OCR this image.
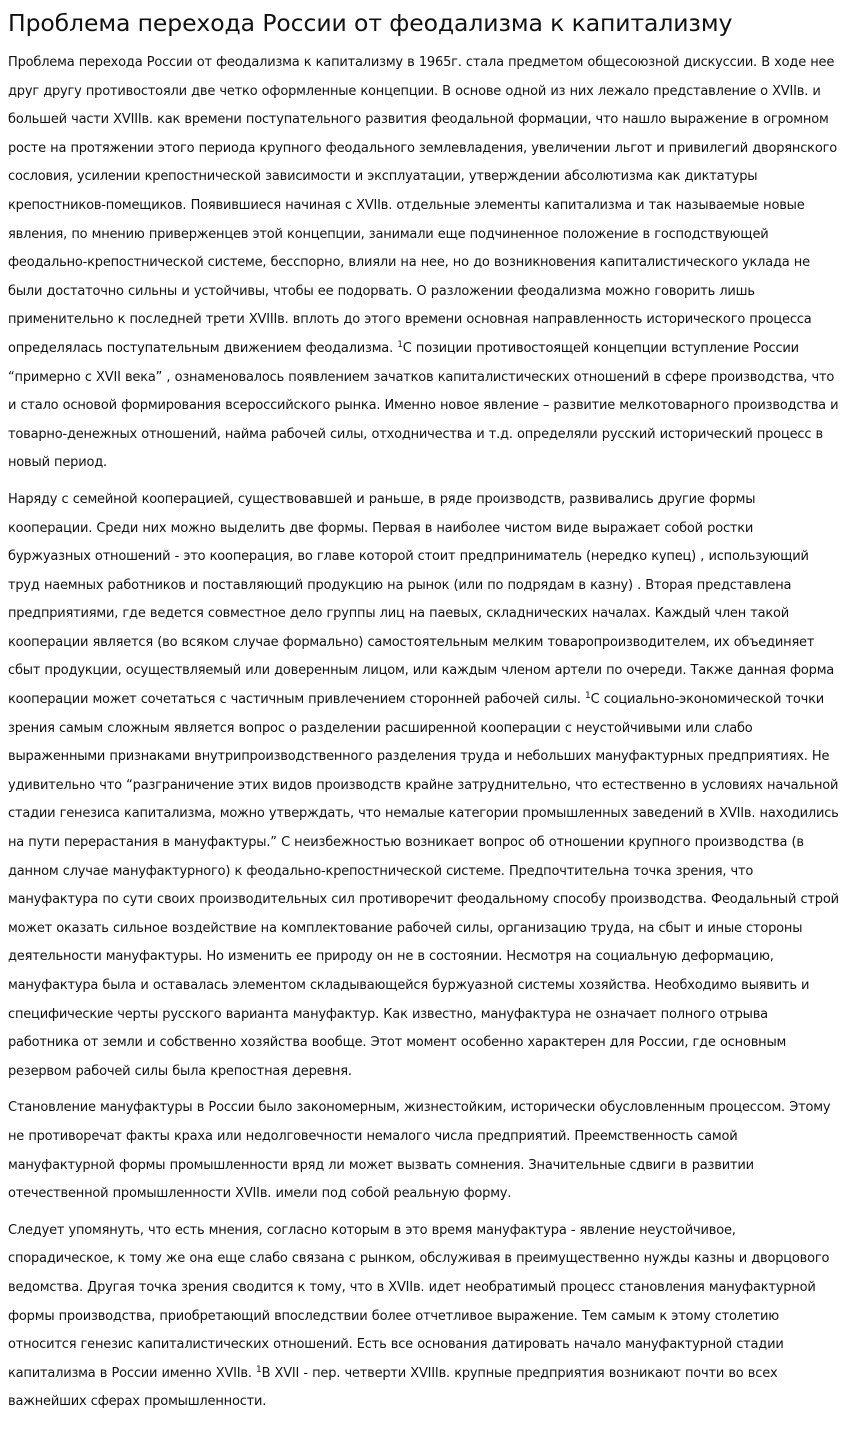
Проблема перехода России от феодализма к капитализму

Проблема перехода России от феодализма к капитализму в 1965г. стала предметом общесоюзной дискуссии. В ходе нее друг другу противостояли две четко оформленные концепции. В основе одной из них лежало представление о XVIIв. и большей части XVIIIв. как времени поступательного развития феодальной формации, что нашло выражение в огромном росте на протяжении этого периода крупного феодального землевладения, увеличении льгот и привилегий дворянского сословия, усилении крепостнической зависимости и эксплуатации, утверждении абсолютизма как диктатуры крепостников-помещиков. Появившиеся начиная с XVIIв. отдельные элементы капитализма и так называемые новые явления, по мнению приверженцев этой концепции, занимали еще подчиненное положение в господствующей феодально-крепостнической системе, бесспорно, влияли на нее, но до возникновения капиталистического уклада не были достаточно сильны и устойчивы, чтобы ее подорвать. О разложении феодализма можно говорить лишь применительно к последней трети XVIIIв. вплоть до этого времени основная направленность исторического процесса определялась поступательным движением феодализма. $^1$С позиции противостоящей концепции вступление России “примерно с XVII века” , ознаменовалось появлением зачатков капиталистических отношений в сфере производства, что и стало основой формирования всероссийского рынка. Именно новое явление – развитие мелкотоварного производства и товарно-денежных отношений, найма рабочей силы, отходничества и т.д. определяли русский исторический процесс в новый период.

Наряду с семейной кооперацией, существовавшей и раньше, в ряде производств, развивались другие формы кооперации. Среди них можно выделить две формы. Первая в наиболее чистом виде выражает собой ростки буржуазных отношений - это кооперация, во главе которой стоит предприниматель (нередко купец) , использующий труд наемных работников и поставляющий продукцию на рынок (или по подрядам в казну) . Вторая представлена предприятиями, где ведется совместное дело группы лиц на паевых, складнических началах. Каждый член такой кооперации является (во всяком случае формально) самостоятельным мелким товаропроизводителем, их объединяет сбыт продукции, осуществляемый или доверенным лицом, или каждым членом артели по очереди. Также данная форма кооперации может сочетаться с частичным привлечением сторонней рабочей силы. $^1$С социально-экономической точки зрения самым сложным является вопрос о разделении расширенной кооперации с неустойчивыми или слабо выраженными признаками внутрипроизводственного разделения труда и небольших мануфактурных предприятиях. Не удивительно что “разграничение этих видов производств крайне затруднительно, что естественно в условиях начальной стадии генезиса капитализма, можно утверждать, что немалые категории промышленных заведений в XVIIв. находились на пути перерастания в мануфактуры.” С неизбежностью возникает вопрос об отношении крупного производства (в данном случае мануфактурного) к феодально-крепостнической системе. Предпочтительна точка зрения, что мануфактура по сути своих производительных сил противоречит феодальному способу производства. Феодальный строй может оказать сильное воздействие на комплектование рабочей силы, организацию труда, на сбыт и иные стороны деятельности мануфактуры. Но изменить ее природу он не в состоянии. Несмотря на социальную деформацию, мануфактура была и оставалась элементом складывающейся буржуазной системы хозяйства. Необходимо выявить и специфические черты русского варианта мануфактур. Как известно, мануфактура не означает полного отрыва работника от земли и собственно хозяйства вообще. Этот момент особенно характерен для России, где основным резервом рабочей силы была крепостная деревня.

Становление мануфактуры в России было закономерным, жизнестойким, исторически обусловленным процессом. Этому не противоречат факты краха или недолговечности немалого числа предприятий. Преемственность самой мануфактурной формы промышленности вряд ли может вызвать сомнения. Значительные сдвиги в развитии отечественной промышленности XVIIв. имели под собой реальную форму.

Следует упомянуть, что есть мнения, согласно которым в это время мануфактура - явление неустойчивое, спорадическое, к тому же она еще слабо связана с рынком, обслуживая в преимущественно нужды казны и дворцового ведомства. Другая точка зрения сводится к тому, что в XVIIв. идет необратимый процесс становления мануфактурной формы производства, приобретающий впоследствии более отчетливое выражение. Тем самым к этому столетию относится генезис капиталистических отношений. Есть все основания датировать начало мануфактурной стадии капитализма в России именно XVIIв. $^1$В XVII - пер. четверти XVIIIв. крупные предприятия возникают почти во всех важнейших сферах промышленности.
